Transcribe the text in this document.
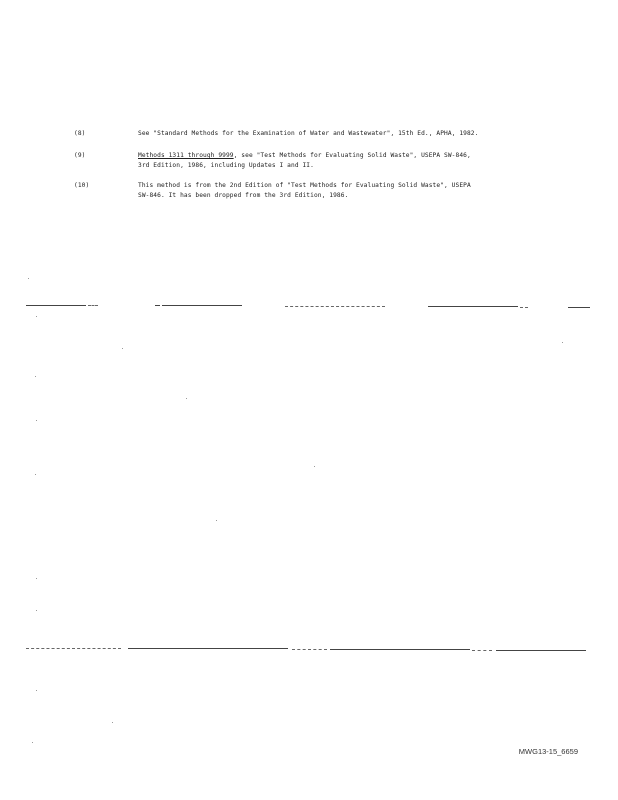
(8)	See "Standard Methods for the Examination of Water and Wastewater", 15th Ed., APHA, 1982.
(9)	Methods 1311 through 9999, see "Test Methods for Evaluating Solid Waste", USEPA SW-846,
3rd Edition, 1986, including Updates I and II.
(10)	This method is from the 2nd Edition of "Test Methods for Evaluating Solid Waste", USEPA
SW-846. It has been dropped from the 3rd Edition, 1986.
MWG13-15_6659
